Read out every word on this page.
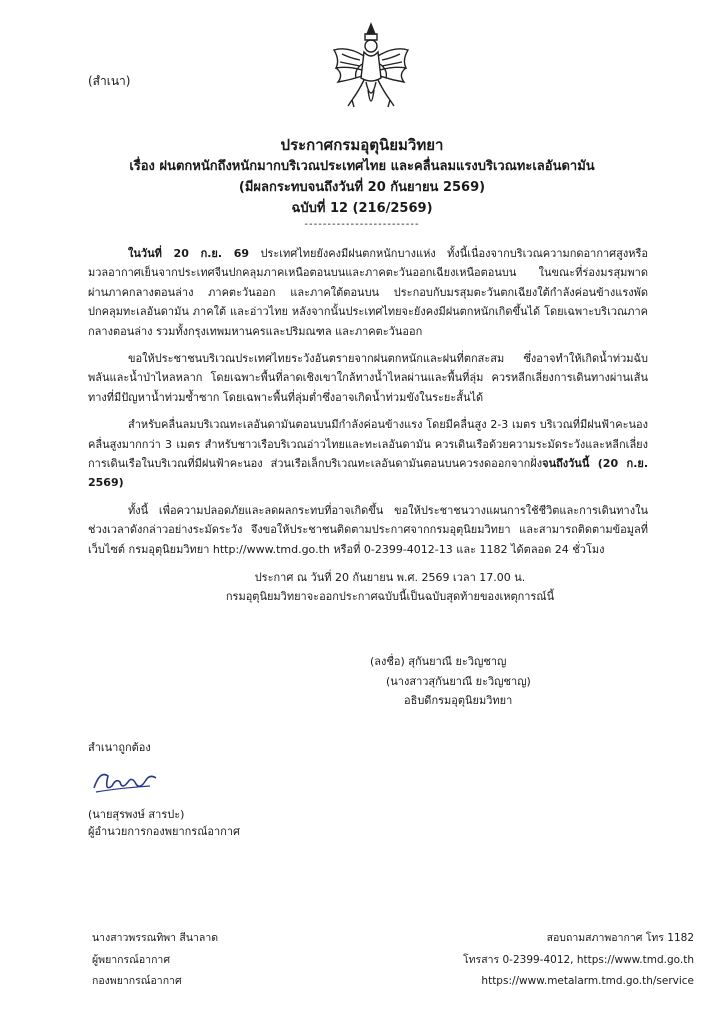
(สำเนา)
ประกาศกรมอุตุนิยมวิทยา
เรื่อง ฝนตกหนักถึงหนักมากบริเวณประเทศไทย และคลื่นลมแรงบริเวณทะเลอันดามัน
(มีผลกระทบจนถึงวันที่ 20 กันยายน 2569)
ฉบับที่ 12 (216/2569)
-------------------------

ในวันที่ 20 ก.ย. 69 ประเทศไทยยังคงมีฝนตกหนักบางแห่ง ทั้งนี้เนื่องจากบริเวณความกดอากาศสูงหรือมวลอากาศเย็นจากประเทศจีนปกคลุมภาคเหนือตอนบนและภาคตะวันออกเฉียงเหนือตอนบน ในขณะที่ร่องมรสุมพาดผ่านภาคกลางตอนล่าง ภาคตะวันออก และภาคใต้ตอนบน ประกอบกับมรสุมตะวันตกเฉียงใต้กำลังค่อนข้างแรงพัดปกคลุมทะเลอันดามัน ภาคใต้ และอ่าวไทย หลังจากนั้นประเทศไทยจะยังคงมีฝนตกหนักเกิดขึ้นได้ โดยเฉพาะบริเวณภาคกลางตอนล่าง รวมทั้งกรุงเทพมหานครและปริมณฑล และภาคตะวันออก

ขอให้ประชาชนบริเวณประเทศไทยระวังอันตรายจากฝนตกหนักและฝนที่ตกสะสม ซึ่งอาจทำให้เกิดน้ำท่วมฉับพลันและน้ำป่าไหลหลาก โดยเฉพาะพื้นที่ลาดเชิงเขาใกล้ทางน้ำไหลผ่านและพื้นที่ลุ่ม ควรหลีกเลี่ยงการเดินทางผ่านเส้นทางที่มีปัญหาน้ำท่วมซ้ำซาก โดยเฉพาะพื้นที่ลุ่มต่ำซึ่งอาจเกิดน้ำท่วมขังในระยะสั้นได้

สำหรับคลื่นลมบริเวณทะเลอันดามันตอนบนมีกำลังค่อนข้างแรง โดยมีคลื่นสูง 2-3 เมตร บริเวณที่มีฝนฟ้าคะนองคลื่นสูงมากกว่า 3 เมตร สำหรับชาวเรือบริเวณอ่าวไทยและทะเลอันดามัน ควรเดินเรือด้วยความระมัดระวังและหลีกเลี่ยงการเดินเรือในบริเวณที่มีฝนฟ้าคะนอง ส่วนเรือเล็กบริเวณทะเลอันดามันตอนบนควรงดออกจากฝั่งจนถึงวันนี้ (20 ก.ย. 2569)

ทั้งนี้ เพื่อความปลอดภัยและลดผลกระทบที่อาจเกิดขึ้น ขอให้ประชาชนวางแผนการใช้ชีวิตและการเดินทางในช่วงเวลาดังกล่าวอย่างระมัดระวัง จึงขอให้ประชาชนติดตามประกาศจากกรมอุตุนิยมวิทยา และสามารถติดตามข้อมูลที่เว็บไซต์ กรมอุตุนิยมวิทยา http://www.tmd.go.th หรือที่ 0-2399-4012-13 และ 1182 ได้ตลอด 24 ชั่วโมง

ประกาศ ณ วันที่ 20 กันยายน พ.ศ. 2569 เวลา 17.00 น.
กรมอุตุนิยมวิทยาจะออกประกาศฉบับนี้เป็นฉบับสุดท้ายของเหตุการณ์นี้
(ลงชื่อ) สุกันยาณี ยะวิญชาญ
(นางสาวสุกันยาณี ยะวิญชาญ)
อธิบดีกรมอุตุนิยมวิทยา
สำเนาถูกต้อง
(นายสุรพงษ์ สารปะ)
ผู้อำนวยการกองพยากรณ์อากาศ
นางสาวพรรณทิพา สีนาลาด
ผู้พยากรณ์อากาศ
กองพยากรณ์อากาศ
สอบถามสภาพอากาศ โทร 1182
โทรสาร 0-2399-4012, https://www.tmd.go.th
https://www.metalarm.tmd.go.th/service
